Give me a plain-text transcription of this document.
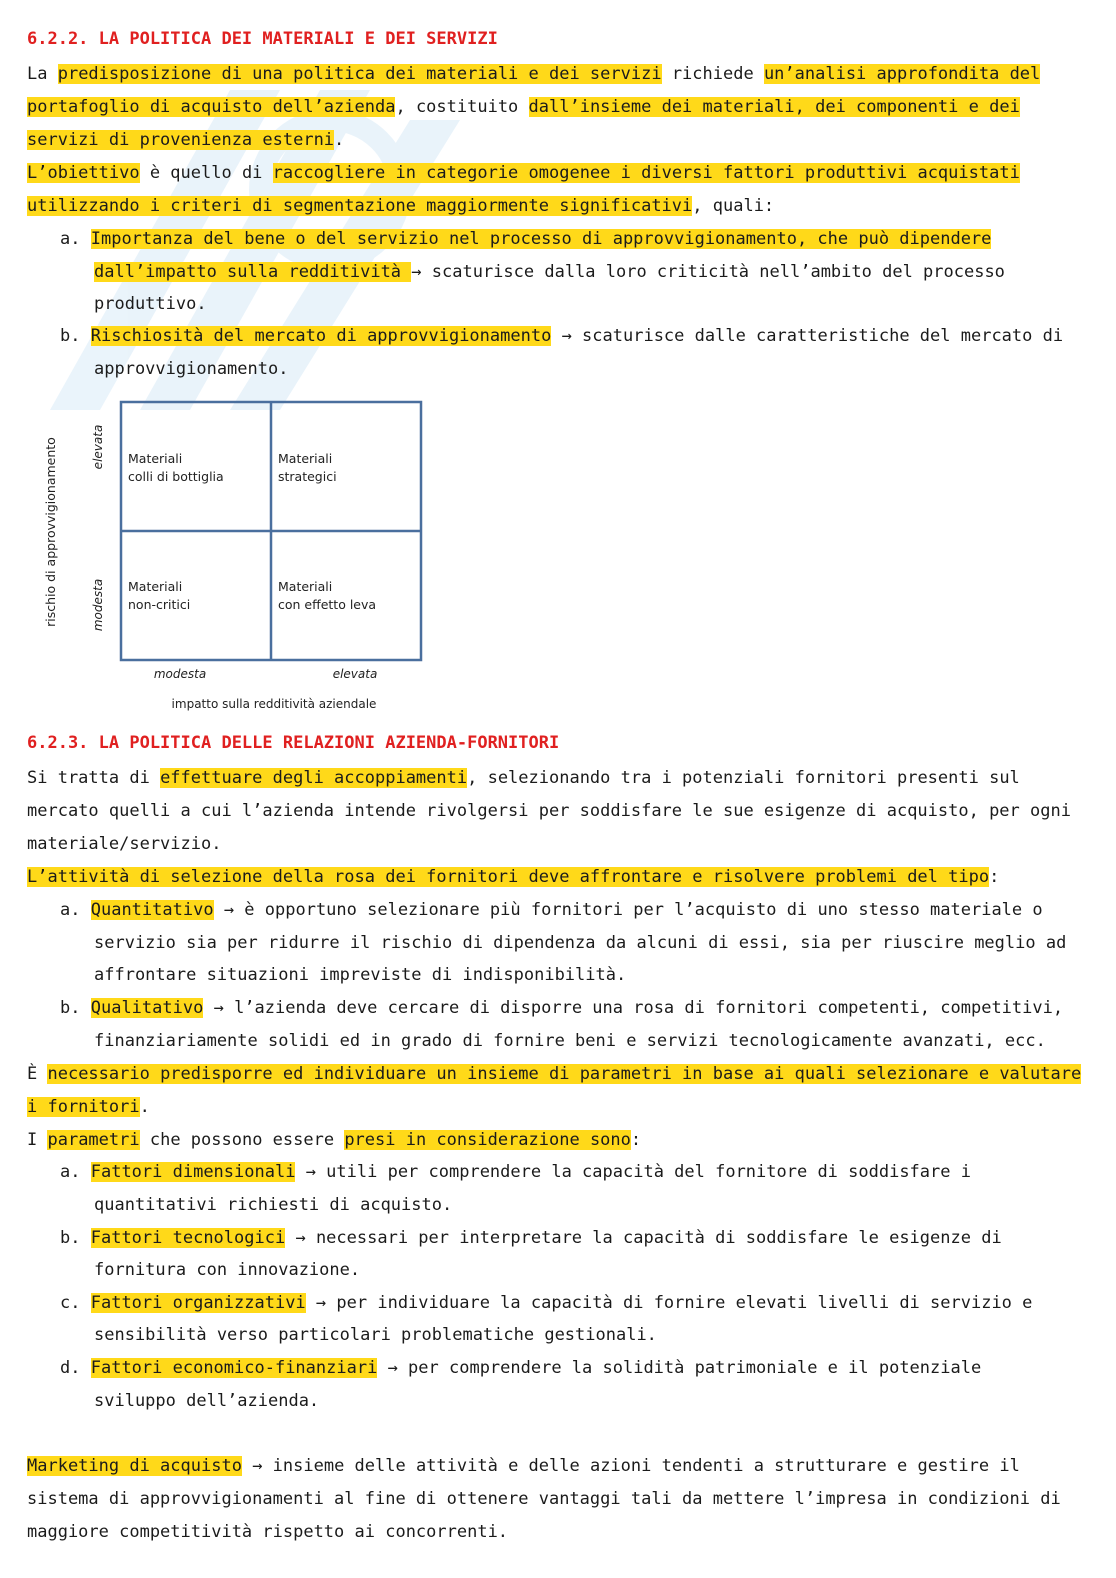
6.2.2. LA POLITICA DEI MATERIALI E DEI SERVIZI
La predisposizione di una politica dei materiali e dei servizi richiede un’analisi approfondita del
portafoglio di acquisto dell’azienda, costituito dall’insieme dei materiali, dei componenti e dei
servizi di provenienza esterni.
L’obiettivo è quello di raccogliere in categorie omogenee i diversi fattori produttivi acquistati
utilizzando i criteri di segmentazione maggiormente significativi, quali:
a. Importanza del bene o del servizio nel processo di approvvigionamento, che può dipendere
dall’impatto sulla redditività → scaturisce dalla loro criticità nell’ambito del processo
produttivo.
b. Rischiosità del mercato di approvvigionamento → scaturisce dalle caratteristiche del mercato di
approvvigionamento.
Materiali
colli di bottiglia
Materiali
strategici
Materiali
non-critici
Materiali
con effetto leva
rischio di approvvigionamento	elevata
modesta
modesta	elevata
impatto sulla redditività aziendale
6.2.3. LA POLITICA DELLE RELAZIONI AZIENDA-FORNITORI
Si tratta di effettuare degli accoppiamenti, selezionando tra i potenziali fornitori presenti sul
mercato quelli a cui l’azienda intende rivolgersi per soddisfare le sue esigenze di acquisto, per ogni
materiale/servizio.
L’attività di selezione della rosa dei fornitori deve affrontare e risolvere problemi del tipo:
a. Quantitativo → è opportuno selezionare più fornitori per l’acquisto di uno stesso materiale o
servizio sia per ridurre il rischio di dipendenza da alcuni di essi, sia per riuscire meglio ad
affrontare situazioni impreviste di indisponibilità.
b. Qualitativo → l’azienda deve cercare di disporre una rosa di fornitori competenti, competitivi,
finanziariamente solidi ed in grado di fornire beni e servizi tecnologicamente avanzati, ecc.
È necessario predisporre ed individuare un insieme di parametri in base ai quali selezionare e valutare
i fornitori.
I parametri che possono essere presi in considerazione sono:
a. Fattori dimensionali → utili per comprendere la capacità del fornitore di soddisfare i
quantitativi richiesti di acquisto.
b. Fattori tecnologici → necessari per interpretare la capacità di soddisfare le esigenze di
fornitura con innovazione.
c. Fattori organizzativi → per individuare la capacità di fornire elevati livelli di servizio e
sensibilità verso particolari problematiche gestionali.
d. Fattori economico-finanziari → per comprendere la solidità patrimoniale e il potenziale
sviluppo dell’azienda.
Marketing di acquisto → insieme delle attività e delle azioni tendenti a strutturare e gestire il
sistema di approvvigionamenti al fine di ottenere vantaggi tali da mettere l’impresa in condizioni di
maggiore competitività rispetto ai concorrenti.
